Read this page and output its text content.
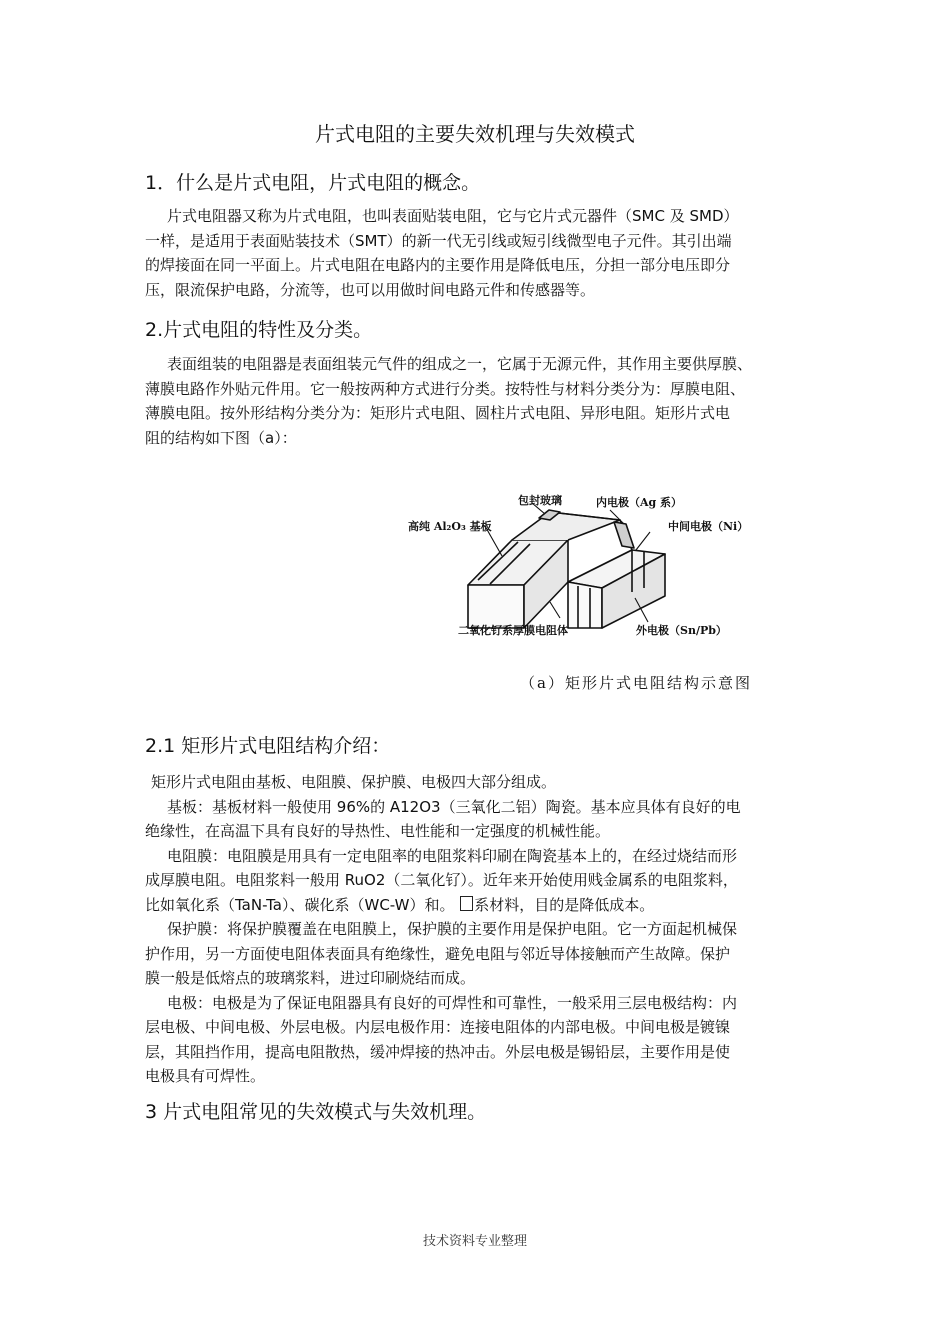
片式电阻的主要失效机理与失效模式
1．什么是片式电阻，片式电阻的概念。
片式电阻器又称为片式电阻，也叫表面贴装电阻，它与它片式元器件（SMC 及 SMD）
一样，是适用于表面贴装技术（SMT）的新一代无引线或短引线微型电子元件。其引出端
的焊接面在同一平面上。片式电阻在电路内的主要作用是降低电压，分担一部分电压即分
压，限流保护电路，分流等，也可以用做时间电路元件和传感器等。
2.片式电阻的特性及分类。
表面组装的电阻器是表面组装元气件的组成之一，它属于无源元件，其作用主要供厚膜、
薄膜电路作外贴元件用。它一般按两种方式进行分类。按特性与材料分类分为：厚膜电阻、
薄膜电阻。按外形结构分类分为：矩形片式电阻、圆柱片式电阻、异形电阻。矩形片式电
阻的结构如下图（a）：
包封玻璃	内电极（Ag 系）
高纯 Al₂O₃ 基板	中间电极（Ni）
二氧化钌系厚膜电阻体	外电极（Sn/Pb）
（a）矩形片式电阻结构示意图
2.1 矩形片式电阻结构介绍：
矩形片式电阻由基板、电阻膜、保护膜、电极四大部分组成。
基板：基板材料一般使用 96%的 A12O3（三氧化二铝）陶瓷。基本应具体有良好的电
绝缘性，在高温下具有良好的导热性、电性能和一定强度的机械性能。
电阻膜：电阻膜是用具有一定电阻率的电阻浆料印刷在陶瓷基本上的，在经过烧结而形
成厚膜电阻。电阻浆料一般用 RuO2（二氧化钌）。近年来开始使用贱金属系的电阻浆料，
比如氧化系（TaN-Ta）、碳化系（WC-W）和。 系材料，目的是降低成本。
保护膜：将保护膜覆盖在电阻膜上，保护膜的主要作用是保护电阻。它一方面起机械保
护作用，另一方面使电阻体表面具有绝缘性，避免电阻与邻近导体接触而产生故障。保护
膜一般是低熔点的玻璃浆料，进过印刷烧结而成。
电极：电极是为了保证电阻器具有良好的可焊性和可靠性，一般采用三层电极结构：内
层电极、中间电极、外层电极。内层电极作用：连接电阻体的内部电极。中间电极是镀镍
层，其阻挡作用，提高电阻散热，缓冲焊接的热冲击。外层电极是锡铅层，主要作用是使
电极具有可焊性。
3 片式电阻常见的失效模式与失效机理。
技术资料专业整理
